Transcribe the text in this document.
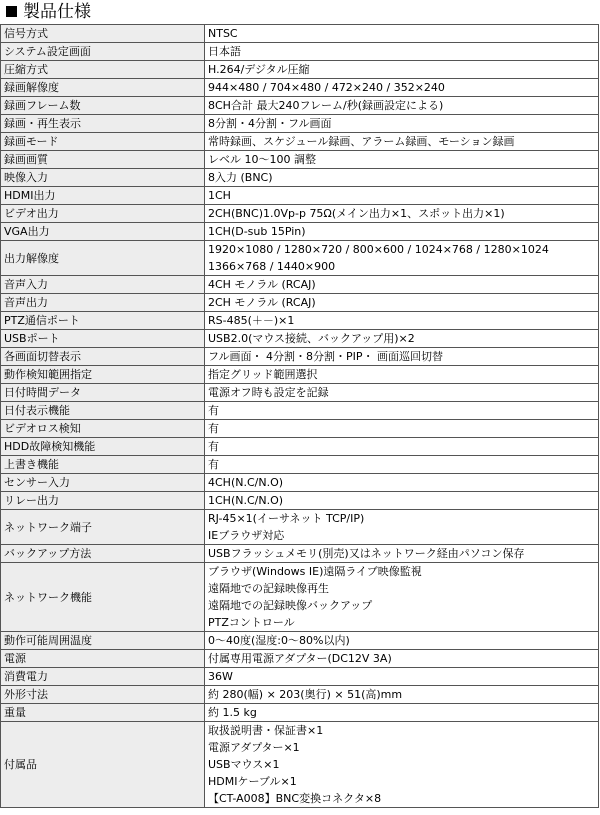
製品仕様
信号方式	NTSC

システム設定画面	日本語

圧縮方式	H.264/デジタル圧縮

録画解像度	944×480 / 704×480 / 472×240 / 352×240

録画フレーム数	8CH合計 最大240フレーム/秒(録画設定による)

録画・再生表示	8分割・4分割・フル画面

録画モード	常時録画、スケジュール録画、アラーム録画、モーション録画

録画画質	レベル 10～100 調整

映像入力	8入力 (BNC)

HDMI出力	1CH

ビデオ出力	2CH(BNC)1.0Vp-p 75Ω(メイン出力×1、スポット出力×1)

VGA出力	1CH(D-sub 15Pin)

出力解像度	1920×1080 / 1280×720 / 800×600 / 1024×768 / 1280×1024
1366×768 / 1440×900

音声入力	4CH モノラル (RCAJ)

音声出力	2CH モノラル (RCAJ)

PTZ通信ポート	RS-485(＋－)×1

USBポート	USB2.0(マウス接続、バックアップ用)×2

各画面切替表示	フル画面・ 4分割・8分割・PIP・ 画面巡回切替

動作検知範囲指定	指定グリッド範囲選択

日付時間データ	電源オフ時も設定を記録

日付表示機能	有

ビデオロス検知	有

HDD故障検知機能	有

上書き機能	有

センサー入力	4CH(N.C/N.O)

リレー出力	1CH(N.C/N.O)

ネットワーク端子	RJ-45×1(イーサネット TCP/IP)
IEブラウザ対応

バックアップ方法	USBフラッシュメモリ(別売)又はネットワーク経由パソコン保存

ネットワーク機能	ブラウザ(Windows IE)遠隔ライブ映像監視
遠隔地での記録映像再生
遠隔地での記録映像バックアップ
PTZコントロール

動作可能周囲温度	0～40度(湿度:0～80%以内)

電源	付属専用電源アダプター(DC12V 3A)

消費電力	36W

外形寸法	約 280(幅) × 203(奥行) × 51(高)mm

重量	約 1.5 kg

付属品	取扱説明書・保証書×1
電源アダプター×1
USBマウス×1
HDMIケーブル×1
【CT-A008】BNC変換コネクタ×8
